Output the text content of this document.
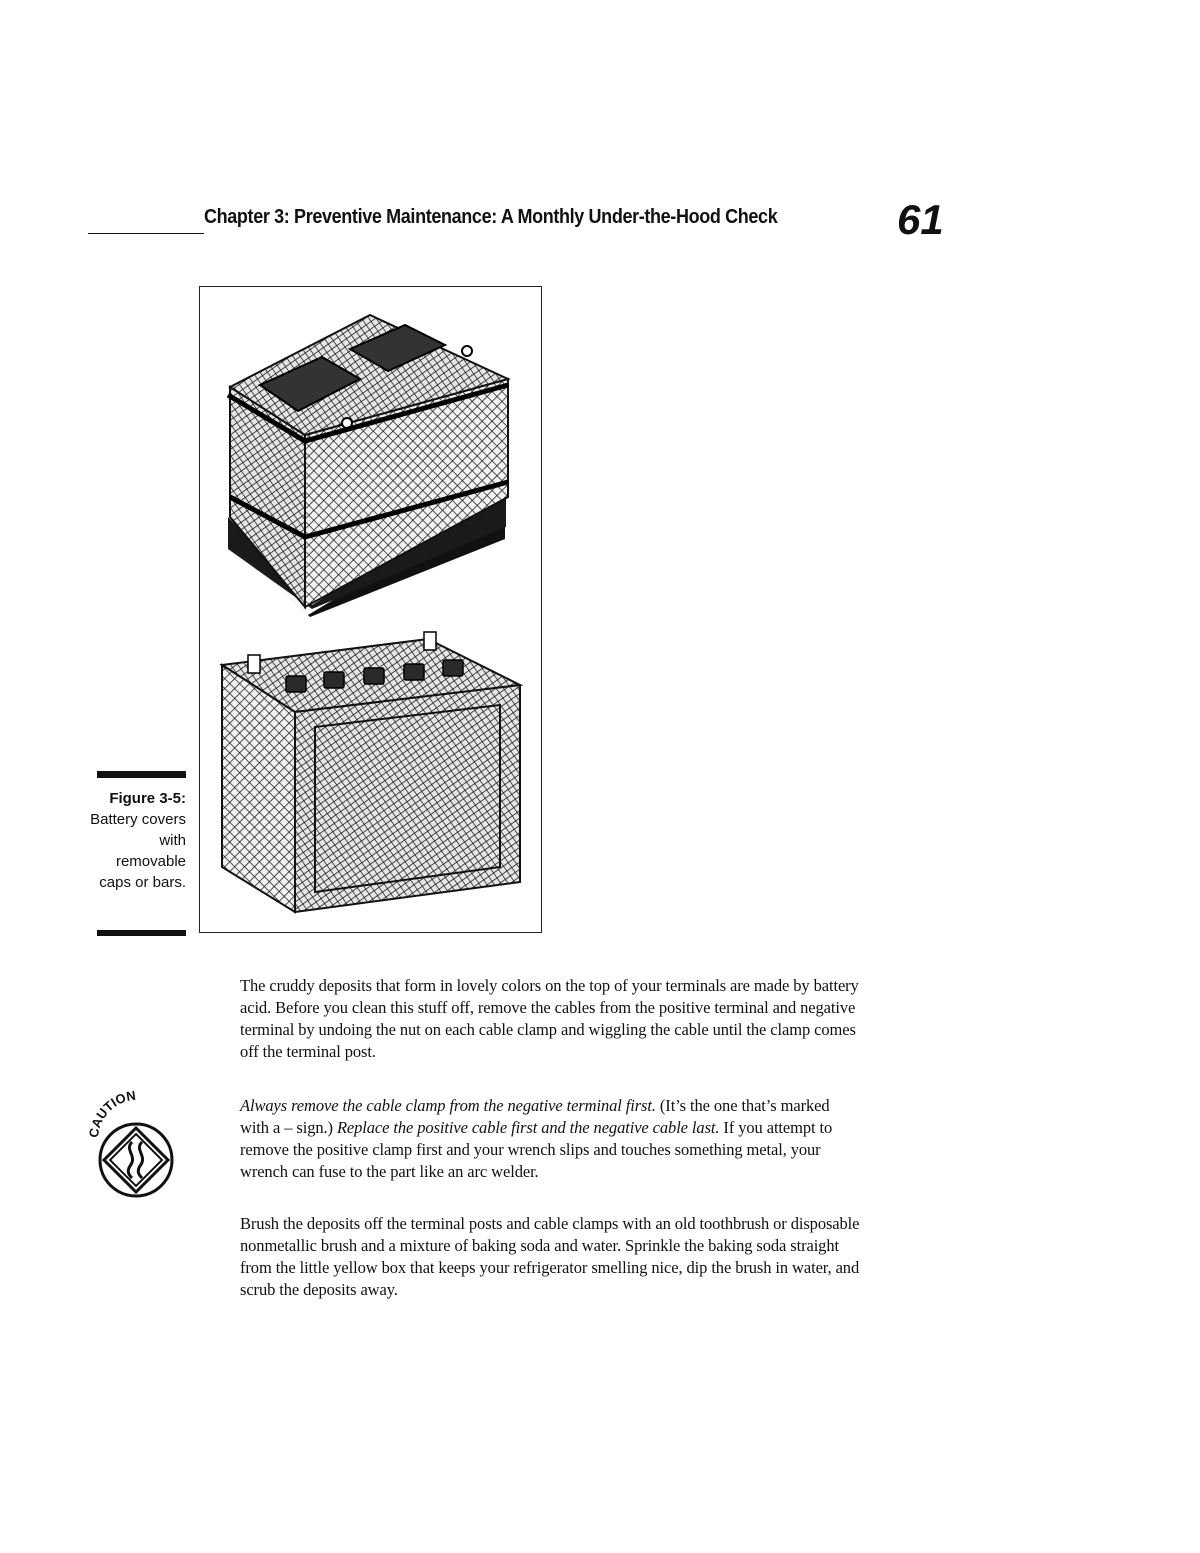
Chapter 3: Preventive Maintenance: A Monthly Under-the-Hood Check	61
Figure 3-5:
Battery covers with removable caps or bars.
The cruddy deposits that form in lovely colors on the top of your terminals are made by battery acid. Before you clean this stuff off, remove the cables from the positive terminal and negative terminal by undoing the nut on each cable clamp and wiggling the cable until the clamp comes off the terminal post.
CAUTION
Always remove the cable clamp from the negative terminal first. (It’s the one that’s marked with a – sign.) Replace the positive cable first and the negative cable last. If you attempt to remove the positive clamp first and your wrench slips and touches something metal, your wrench can fuse to the part like an arc welder.
Brush the deposits off the terminal posts and cable clamps with an old toothbrush or disposable nonmetallic brush and a mixture of baking soda and water. Sprinkle the baking soda straight from the little yellow box that keeps your refrigerator smelling nice, dip the brush in water, and scrub the deposits away.
